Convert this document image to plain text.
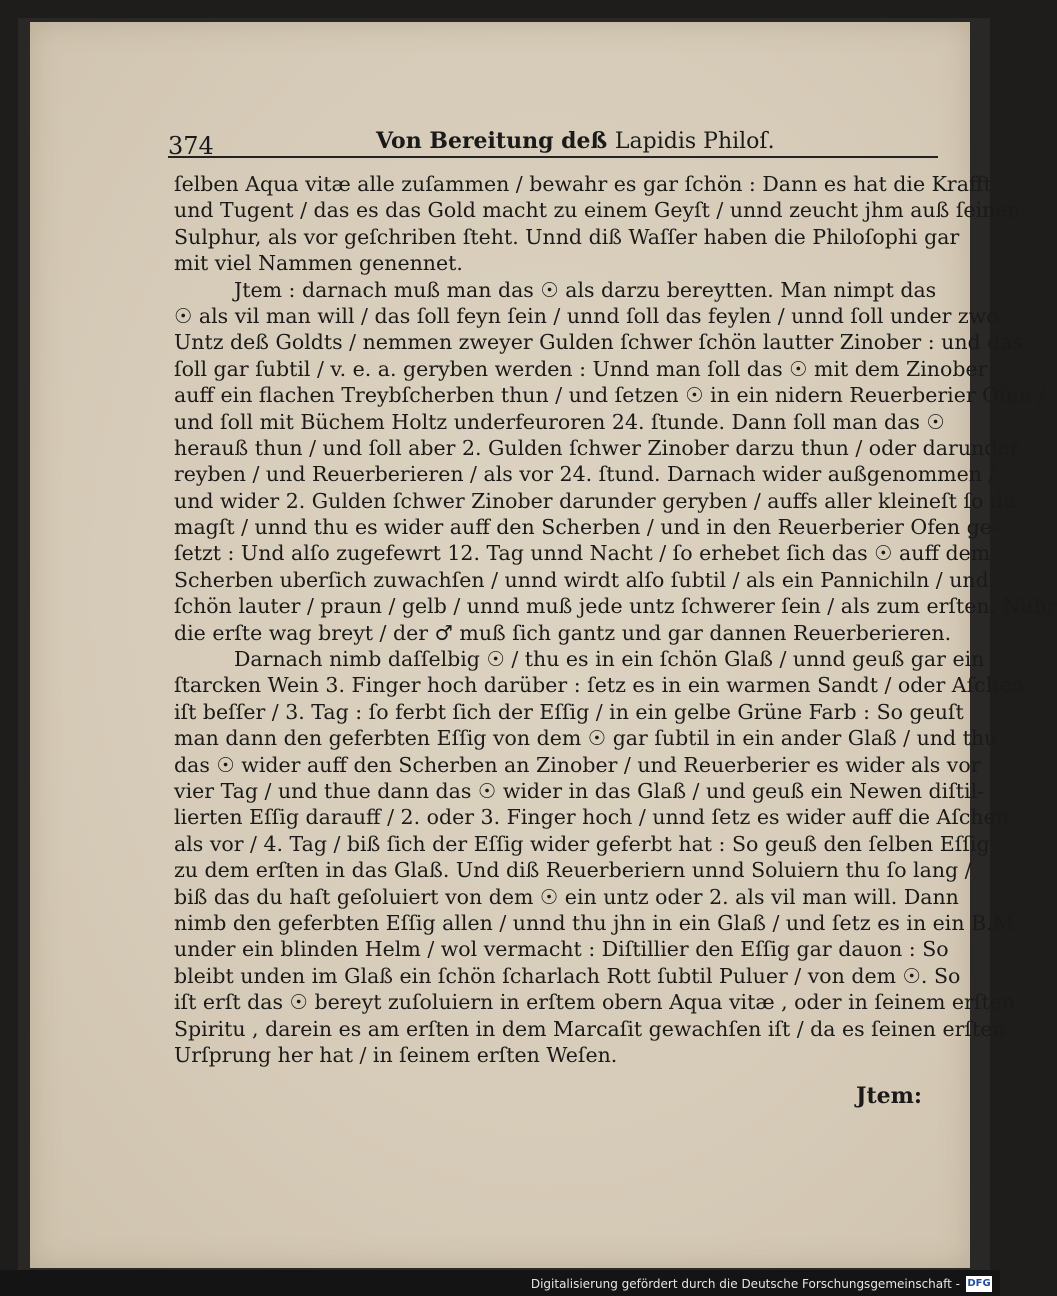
374	Von Bereitung deß Lapidis Philoſ.
ſelben Aqua vitæ alle zuſammen / bewahr es gar ſchön : Dann es hat die Krafft
und Tugent / das es das Gold macht zu einem Geyſt / unnd zeucht jhm auß ſeinen
Sulphur, als vor geſchriben ſteht. Unnd diß Waſſer haben die Philoſophi gar
mit viel Nammen genennet.
Jtem : darnach muß man das ☉ als darzu bereytten. Man nimpt das
☉ als vil man will / das ſoll feyn ſein / unnd ſoll das feylen / unnd ſoll under zwo
Untz deß Goldts / nemmen zweyer Gulden ſchwer ſchön lautter Zinober : und das
ſoll gar ſubtil / v. e. a. geryben werden : Unnd man ſoll das ☉ mit dem Zinober
auff ein flachen Treybſcherben thun / und ſetzen ☉ in ein nidern Reuerberier Ofen /
und ſoll mit Büchem Holtz underfeuroren 24. ſtunde. Dann ſoll man das ☉
herauß thun / und ſoll aber 2. Gulden ſchwer Zinober darzu thun / oder darunder
reyben / und Reuerberieren / als vor 24. ſtund. Darnach wider außgenommen /
und wider 2. Gulden ſchwer Zinober darunder geryben / auffs aller kleineſt ſo du
magſt / unnd thu es wider auff den Scherben / und in den Reuerberier Ofen ge-
ſetzt : Und alſo zugefewrt 12. Tag unnd Nacht / ſo erhebet ſich das ☉ auff dem
Scherben uberſich zuwachſen / unnd wirdt alſo ſubtil / als ein Pannichiln / und
ſchön lauter / praun / gelb / unnd muß jede untz ſchwerer ſein / als zum erſten. Nuhr
die erſte wag breyt / der ♂ muß ſich gantz und gar dannen Reuerberieren.
Darnach nimb daſſelbig ☉ / thu es in ein ſchön Glaß / unnd geuß gar ein
ſtarcken Wein 3. Finger hoch darüber : ſetz es in ein warmen Sandt / oder Aſchen
iſt beſſer / 3. Tag : ſo ferbt ſich der Eſſig / in ein gelbe Grüne Farb : So geuſt
man dann den geferbten Eſſig von dem ☉ gar ſubtil in ein ander Glaß / und thu
das ☉ wider auff den Scherben an Zinober / und Reuerberier es wider als vor
vier Tag / und thue dann das ☉ wider in das Glaß / und geuß ein Newen diſtil-
lierten Eſſig darauff / 2. oder 3. Finger hoch / unnd ſetz es wider auff die Aſchen
als vor / 4. Tag / biß ſich der Eſſig wider geferbt hat : So geuß den ſelben Eſſig
zu dem erſten in das Glaß. Und diß Reuerberiern unnd Soluiern thu ſo lang /
biß das du haſt geſoluiert von dem ☉ ein untz oder 2. als vil man will. Dann
nimb den geferbten Eſſig allen / unnd thu jhn in ein Glaß / und ſetz es in ein B.M.
under ein blinden Helm / wol vermacht : Diſtillier den Eſſig gar dauon : So
bleibt unden im Glaß ein ſchön ſcharlach Rott ſubtil Puluer / von dem ☉. So
iſt erſt das ☉ bereyt zuſoluiern in erſtem obern Aqua vitæ , oder in ſeinem erſten
Spiritu , darein es am erſten in dem Marcaſit gewachſen iſt / da es ſeinen erſten
Urſprung her hat / in ſeinem erſten Weſen.
Jtem:
Digitalisierung gefördert durch die Deutsche Forschungsgemeinschaft - DFG
